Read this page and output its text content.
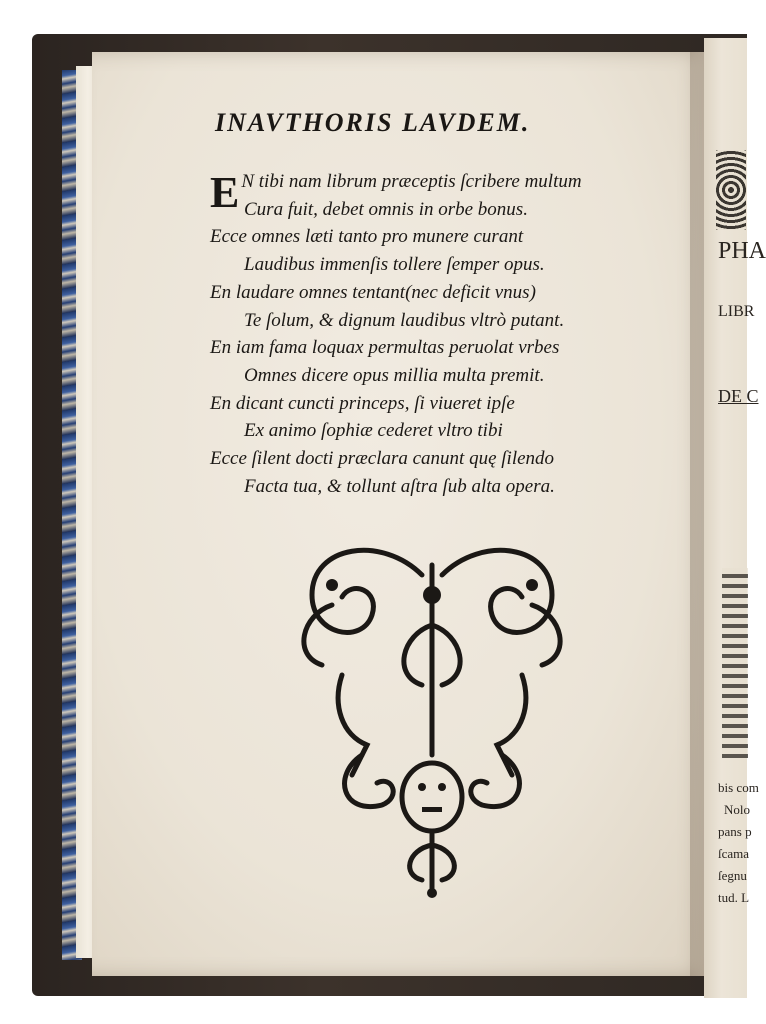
INAVTHORIS LAVDEM.
E N tibi nam librum præceptis ſcribere multum
Cura fuit, debet omnis in orbe bonus.
Ecce omnes læti tanto pro munere curant
Laudibus immenſis tollere ſemper opus.
En laudare omnes tentant(nec deficit vnus)
Te ſolum, & dignum laudibus vltrò putant.
En iam fama loquax permultas peruolat vrbes
Omnes dicere opus millia multa premit.
En dicant cuncti princeps, ſi viueret ipſe
Ex animo ſophiæ cederet vltro tibi
Ecce ſilent docti præclara canunt quę ſilendo
Facta tua, & tollunt aſtra ſub alta opera.
PHA
LIBR
DE C
bis com
Nolo
pans p
ſcama
ſegnu
tud. L
